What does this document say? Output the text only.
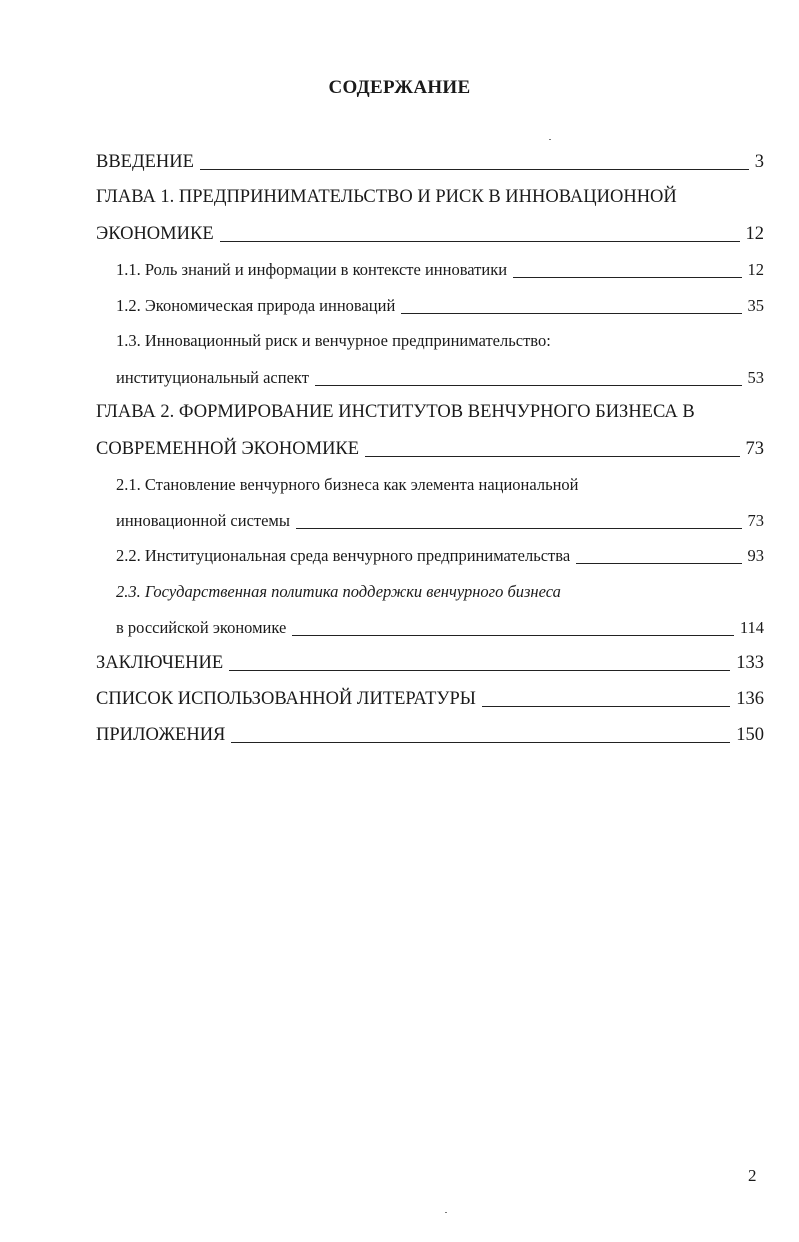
СОДЕРЖАНИЕ
ВВЕДЕНИЕ	3
ГЛАВА 1. ПРЕДПРИНИМАТЕЛЬСТВО И РИСК В ИННОВАЦИОННОЙ
ЭКОНОМИКЕ	12
1.1. Роль знаний и информации в контексте инноватики	12
1.2. Экономическая природа инноваций	35
1.3. Инновационный риск и венчурное предпринимательство:
институциональный аспект	53
ГЛАВА 2. ФОРМИРОВАНИЕ ИНСТИТУТОВ ВЕНЧУРНОГО БИЗНЕСА В
СОВРЕМЕННОЙ ЭКОНОМИКЕ	73
2.1. Становление венчурного бизнеса как элемента национальной
инновационной системы	73
2.2. Институциональная среда венчурного предпринимательства	93
2.3. Государственная политика поддержки венчурного бизнеса
в российской экономике	114
ЗАКЛЮЧЕНИЕ	133
СПИСОК ИСПОЛЬЗОВАННОЙ ЛИТЕРАТУРЫ	136
ПРИЛОЖЕНИЯ	150
2
